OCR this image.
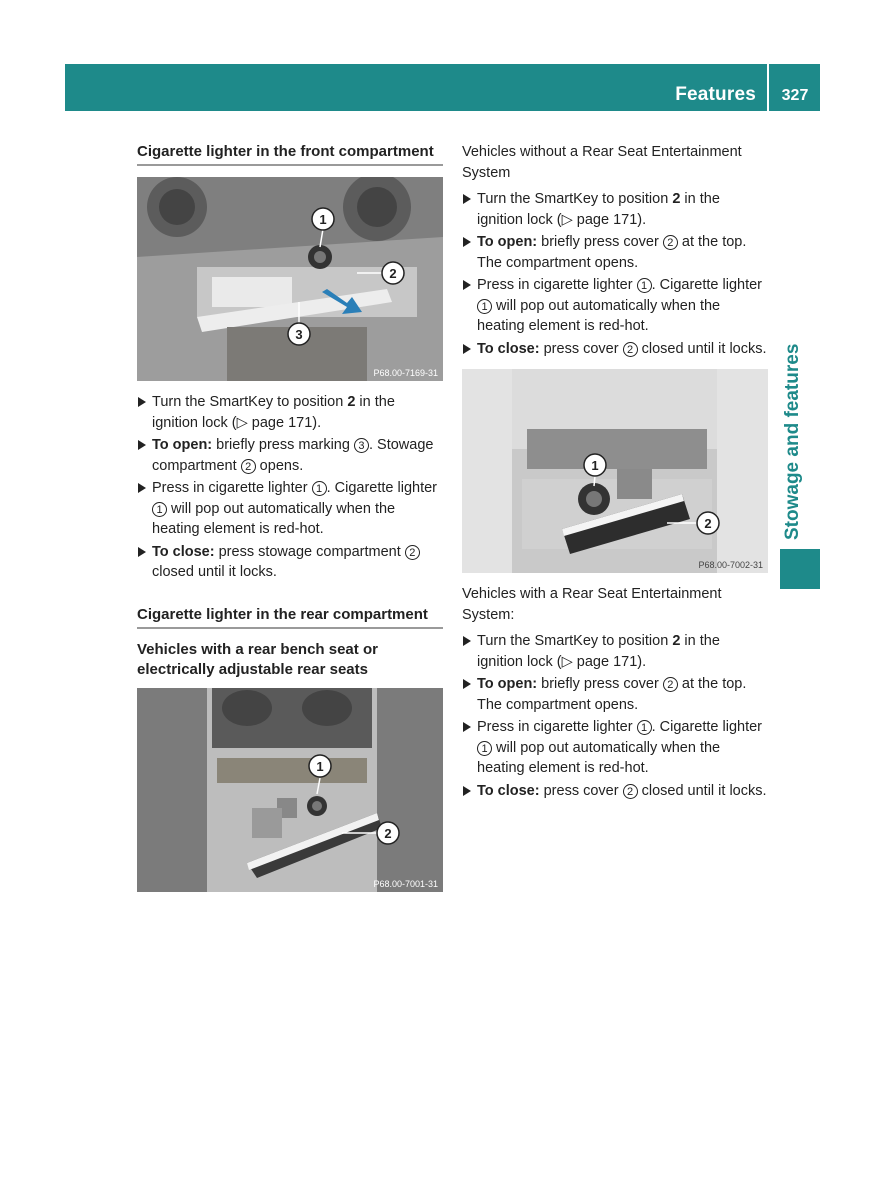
Features	327
Stowage and features
Cigarette lighter in the front compartment
1
2
3
P68.00-7169-31
Turn the SmartKey to position 2 in the ignition lock (▷ page 171).
To open: briefly press marking 3 . Stowage compartment 2 opens.
Press in cigarette lighter 1 . Cigarette lighter 1 will pop out automatically when the heating element is red-hot.
To close: press stowage compartment 2 closed until it locks.
Cigarette lighter in the rear compartment
Vehicles with a rear bench seat or electrically adjustable rear seats
1
2
P68.00-7001-31

Vehicles without a Rear Seat Entertainment System

Turn the SmartKey to position 2 in the ignition lock (▷ page 171).
To open: briefly press cover 2 at the top. The compartment opens.
Press in cigarette lighter 1 . Cigarette lighter 1 will pop out automatically when the heating element is red-hot.
To close: press cover 2 closed until it locks.
1
2
P68.00-7002-31

Vehicles with a Rear Seat Entertainment System:

Turn the SmartKey to position 2 in the ignition lock (▷ page 171).
To open: briefly press cover 2 at the top. The compartment opens.
Press in cigarette lighter 1 . Cigarette lighter 1 will pop out automatically when the heating element is red-hot.
To close: press cover 2 closed until it locks.
